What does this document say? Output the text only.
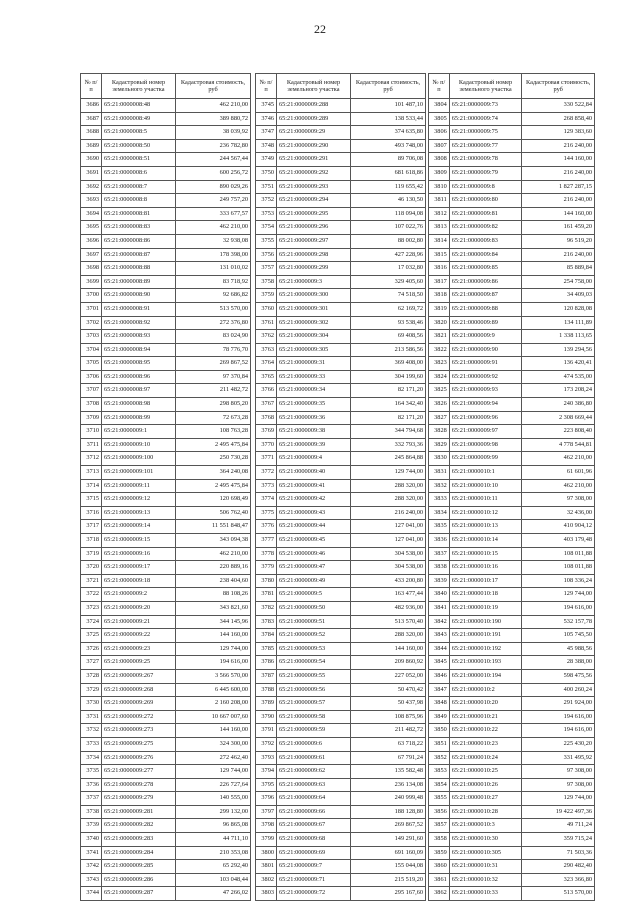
22
№ п/п	Кадастровый номер земельного участка	Кадастровая стоимость, руб
3686	65:21:0000008:48	462 210,00
3687	65:21:0000008:49	389 880,72
3688	65:21:0000008:5	38 039,92
3689	65:21:0000008:50	236 782,80
3690	65:21:0000008:51	244 567,44
3691	65:21:0000008:6	600 256,72
3692	65:21:0000008:7	890 029,26
3693	65:21:0000008:8	249 757,20
3694	65:21:0000008:81	333 677,57
3695	65:21:0000008:83	462 210,00
3696	65:21:0000008:86	32 938,08
3697	65:21:0000008:87	178 398,00
3698	65:21:0000008:88	131 010,02
3699	65:21:0000008:89	83 718,92
3700	65:21:0000008:90	92 686,82
3701	65:21:0000008:91	513 570,00
3702	65:21:0000008:92	272 376,80
3703	65:21:0000008:93	83 024,90
3704	65:21:0000008:94	78 776,70
3705	65:21:0000008:95	269 867,52
3706	65:21:0000008:96	97 370,84
3707	65:21:0000008:97	211 482,72
3708	65:21:0000008:98	298 805,20
3709	65:21:0000008:99	72 673,28
3710	65:21:0000009:1	108 763,28
3711	65:21:0000009:10	2 495 475,84
3712	65:21:0000009:100	250 730,28
3713	65:21:0000009:101	364 240,08
3714	65:21:0000009:11	2 495 475,84
3715	65:21:0000009:12	120 698,49
3716	65:21:0000009:13	506 762,40
3717	65:21:0000009:14	11 551 848,47
3718	65:21:0000009:15	343 094,38
3719	65:21:0000009:16	462 210,00
3720	65:21:0000009:17	220 889,16
3721	65:21:0000009:18	238 404,60
3722	65:21:0000009:2	88 108,26
3723	65:21:0000009:20	343 821,60
3724	65:21:0000009:21	344 145,96
3725	65:21:0000009:22	144 160,00
3726	65:21:0000009:23	129 744,00
3727	65:21:0000009:25	194 616,00
3728	65:21:0000009:267	3 566 570,00
3729	65:21:0000009:268	6 445 600,00
3730	65:21:0000009:269	2 160 208,00
3731	65:21:0000009:272	10 667 007,60
3732	65:21:0000009:273	144 160,00
3733	65:21:0000009:275	324 300,00
3734	65:21:0000009:276	272 462,40
3735	65:21:0000009:277	129 744,00
3736	65:21:0000009:278	226 727,64
3737	65:21:0000009:279	140 555,00
3738	65:21:0000009:281	299 132,00
3739	65:21:0000009:282	96 865,08
3740	65:21:0000009:283	44 711,10
3741	65:21:0000009:284	210 353,08
3742	65:21:0000009:285	65 292,40
3743	65:21:0000009:286	103 048,44
3744	65:21:0000009:287	47 266,02
№ п/п	Кадастровый номер земельного участка	Кадастровая стоимость, руб
3745	65:21:0000009:288	101 487,10
3746	65:21:0000009:289	138 533,44
3747	65:21:0000009:29	374 635,80
3748	65:21:0000009:290	493 748,00
3749	65:21:0000009:291	89 706,08
3750	65:21:0000009:292	681 618,86
3751	65:21:0000009:293	119 655,42
3752	65:21:0000009:294	46 130,50
3753	65:21:0000009:295	118 094,08
3754	65:21:0000009:296	107 022,76
3755	65:21:0000009:297	88 002,80
3756	65:21:0000009:298	427 228,96
3757	65:21:0000009:299	17 032,80
3758	65:21:0000009:3	329 405,60
3759	65:21:0000009:300	74 518,50
3760	65:21:0000009:301	62 169,72
3761	65:21:0000009:302	93 538,46
3762	65:21:0000009:304	69 408,56
3763	65:21:0000009:305	213 586,56
3764	65:21:0000009:31	369 408,00
3765	65:21:0000009:33	304 199,60
3766	65:21:0000009:34	82 171,20
3767	65:21:0000009:35	164 342,40
3768	65:21:0000009:36	82 171,20
3769	65:21:0000009:38	344 794,68
3770	65:21:0000009:39	332 793,36
3771	65:21:0000009:4	245 864,88
3772	65:21:0000009:40	129 744,00
3773	65:21:0000009:41	288 320,00
3774	65:21:0000009:42	288 320,00
3775	65:21:0000009:43	216 240,00
3776	65:21:0000009:44	127 041,00
3777	65:21:0000009:45	127 041,00
3778	65:21:0000009:46	304 538,00
3779	65:21:0000009:47	304 538,00
3780	65:21:0000009:49	433 200,80
3781	65:21:0000009:5	163 477,44
3782	65:21:0000009:50	482 936,00
3783	65:21:0000009:51	513 570,40
3784	65:21:0000009:52	288 320,00
3785	65:21:0000009:53	144 160,00
3786	65:21:0000009:54	209 860,92
3787	65:21:0000009:55	227 052,00
3788	65:21:0000009:56	50 470,42
3789	65:21:0000009:57	50 437,98
3790	65:21:0000009:58	108 875,96
3791	65:21:0000009:59	211 482,72
3792	65:21:0000009:6	63 718,22
3793	65:21:0000009:61	67 791,24
3794	65:21:0000009:62	135 582,48
3795	65:21:0000009:63	236 134,08
3796	65:21:0000009:64	240 999,48
3797	65:21:0000009:66	188 128,80
3798	65:21:0000009:67	269 867,52
3799	65:21:0000009:68	149 291,60
3800	65:21:0000009:69	691 160,09
3801	65:21:0000009:7	155 044,08
3802	65:21:0000009:71	215 519,20
3803	65:21:0000009:72	295 167,60
№ п/п	Кадастровый номер земельного участка	Кадастровая стоимость, руб
3804	65:21:0000009:73	330 522,84
3805	65:21:0000009:74	268 858,40
3806	65:21:0000009:75	129 383,60
3807	65:21:0000009:77	216 240,00
3808	65:21:0000009:78	144 160,00
3809	65:21:0000009:79	216 240,00
3810	65:21:0000009:8	1 827 287,15
3811	65:21:0000009:80	216 240,00
3812	65:21:0000009:81	144 160,00
3813	65:21:0000009:82	161 459,20
3814	65:21:0000009:83	96 519,20
3815	65:21:0000009:84	216 240,00
3816	65:21:0000009:85	85 889,84
3817	65:21:0000009:86	254 758,00
3818	65:21:0000009:87	34 409,03
3819	65:21:0000009:88	120 828,08
3820	65:21:0000009:89	134 111,89
3821	65:21:0000009:9	1 338 113,65
3822	65:21:0000009:90	139 294,56
3823	65:21:0000009:91	136 420,41
3824	65:21:0000009:92	474 535,00
3825	65:21:0000009:93	173 208,24
3826	65:21:0000009:94	240 386,80
3827	65:21:0000009:96	2 308 669,44
3828	65:21:0000009:97	223 808,40
3829	65:21:0000009:98	4 778 544,81
3830	65:21:0000009:99	462 210,00
3831	65:21:0000010:1	61 601,96
3832	65:21:0000010:10	462 210,00
3833	65:21:0000010:11	97 308,00
3834	65:21:0000010:12	32 436,00
3835	65:21:0000010:13	410 904,12
3836	65:21:0000010:14	403 179,48
3837	65:21:0000010:15	108 011,88
3838	65:21:0000010:16	108 011,88
3839	65:21:0000010:17	108 336,24
3840	65:21:0000010:18	129 744,00
3841	65:21:0000010:19	194 616,00
3842	65:21:0000010:190	532 157,78
3843	65:21:0000010:191	105 745,50
3844	65:21:0000010:192	45 988,56
3845	65:21:0000010:193	28 388,00
3846	65:21:0000010:194	598 475,56
3847	65:21:0000010:2	400 260,24
3848	65:21:0000010:20	291 924,00
3849	65:21:0000010:21	194 616,00
3850	65:21:0000010:22	194 616,00
3851	65:21:0000010:23	225 430,20
3852	65:21:0000010:24	331 495,92
3853	65:21:0000010:25	97 308,00
3854	65:21:0000010:26	97 308,00
3855	65:21:0000010:27	129 744,00
3856	65:21:0000010:28	19 422 497,36
3857	65:21:0000010:3	49 711,24
3858	65:21:0000010:30	359 715,24
3859	65:21:0000010:305	71 503,36
3860	65:21:0000010:31	290 482,40
3861	65:21:0000010:32	323 366,80
3862	65:21:0000010:33	513 570,00
